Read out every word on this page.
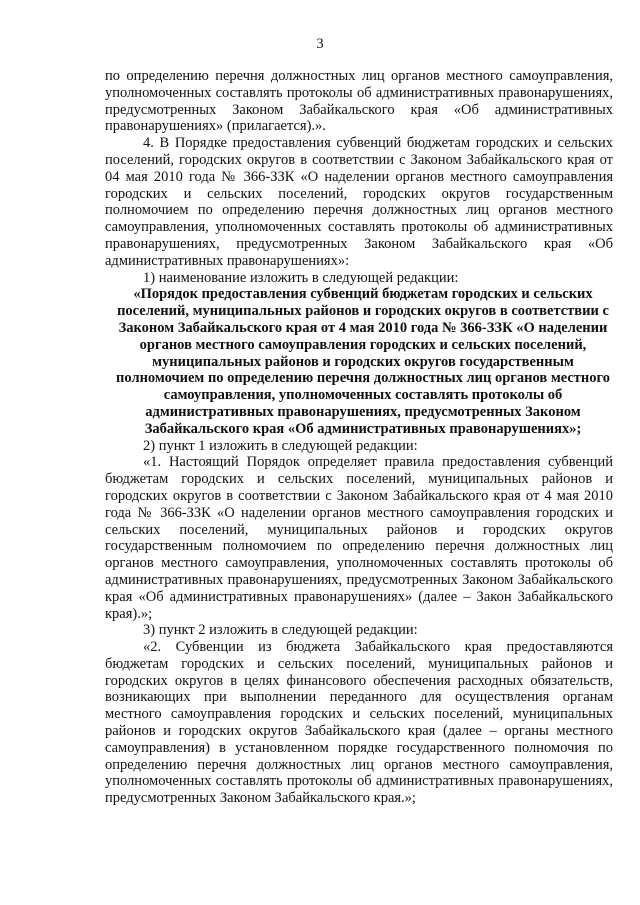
3

по определению перечня должностных лиц органов местного самоуправления, уполномоченных составлять протоколы об административных правонарушениях, предусмотренных Законом Забайкальского края «Об административных правонарушениях» (прилагается).».

4. В Порядке предоставления субвенций бюджетам городских и сельских поселений, городских округов в соответствии с Законом Забайкальского края от 04 мая 2010 года № 366-ЗЗК «О наделении органов местного самоуправления городских и сельских поселений, городских округов государственным полномочием по определению перечня должностных лиц органов местного самоуправления, уполномоченных составлять протоколы об административных правонарушениях, предусмотренных Законом Забайкальского края «Об административных правонарушениях»:

1) наименование изложить в следующей редакции:

«Порядок предоставления субвенций бюджетам городских и сельских поселений, муниципальных районов и городских округов в соответствии с Законом Забайкальского края от 4 мая 2010 года № 366-ЗЗК «О наделении органов местного самоуправления городских и сельских поселений, муниципальных районов и городских округов государственным полномочием по определению перечня должностных лиц органов местного самоуправления, уполномоченных составлять протоколы об административных правонарушениях, предусмотренных Законом Забайкальского края «Об административных правонарушениях»;

2) пункт 1 изложить в следующей редакции:

«1. Настоящий Порядок определяет правила предоставления субвенций бюджетам городских и сельских поселений, муниципальных районов и городских округов в соответствии с Законом Забайкальского края от 4 мая 2010 года № 366-ЗЗК «О наделении органов местного самоуправления городских и сельских поселений, муниципальных районов и городских округов государственным полномочием по определению перечня должностных лиц органов местного самоуправления, уполномоченных составлять протоколы об административных правонарушениях, предусмотренных Законом Забайкальского края «Об административных правонарушениях» (далее – Закон Забайкальского края).»;

3) пункт 2 изложить в следующей редакции:

«2. Субвенции из бюджета Забайкальского края предоставляются бюджетам городских и сельских поселений, муниципальных районов и городских округов в целях финансового обеспечения расходных обязательств, возникающих при выполнении переданного для осуществления органам местного самоуправления городских и сельских поселений, муниципальных районов и городских округов Забайкальского края (далее – органы местного самоуправления) в установленном порядке государственного полномочия по определению перечня должностных лиц органов местного самоуправления, уполномоченных составлять протоколы об административных правонарушениях, предусмотренных Законом Забайкальского края.»;
